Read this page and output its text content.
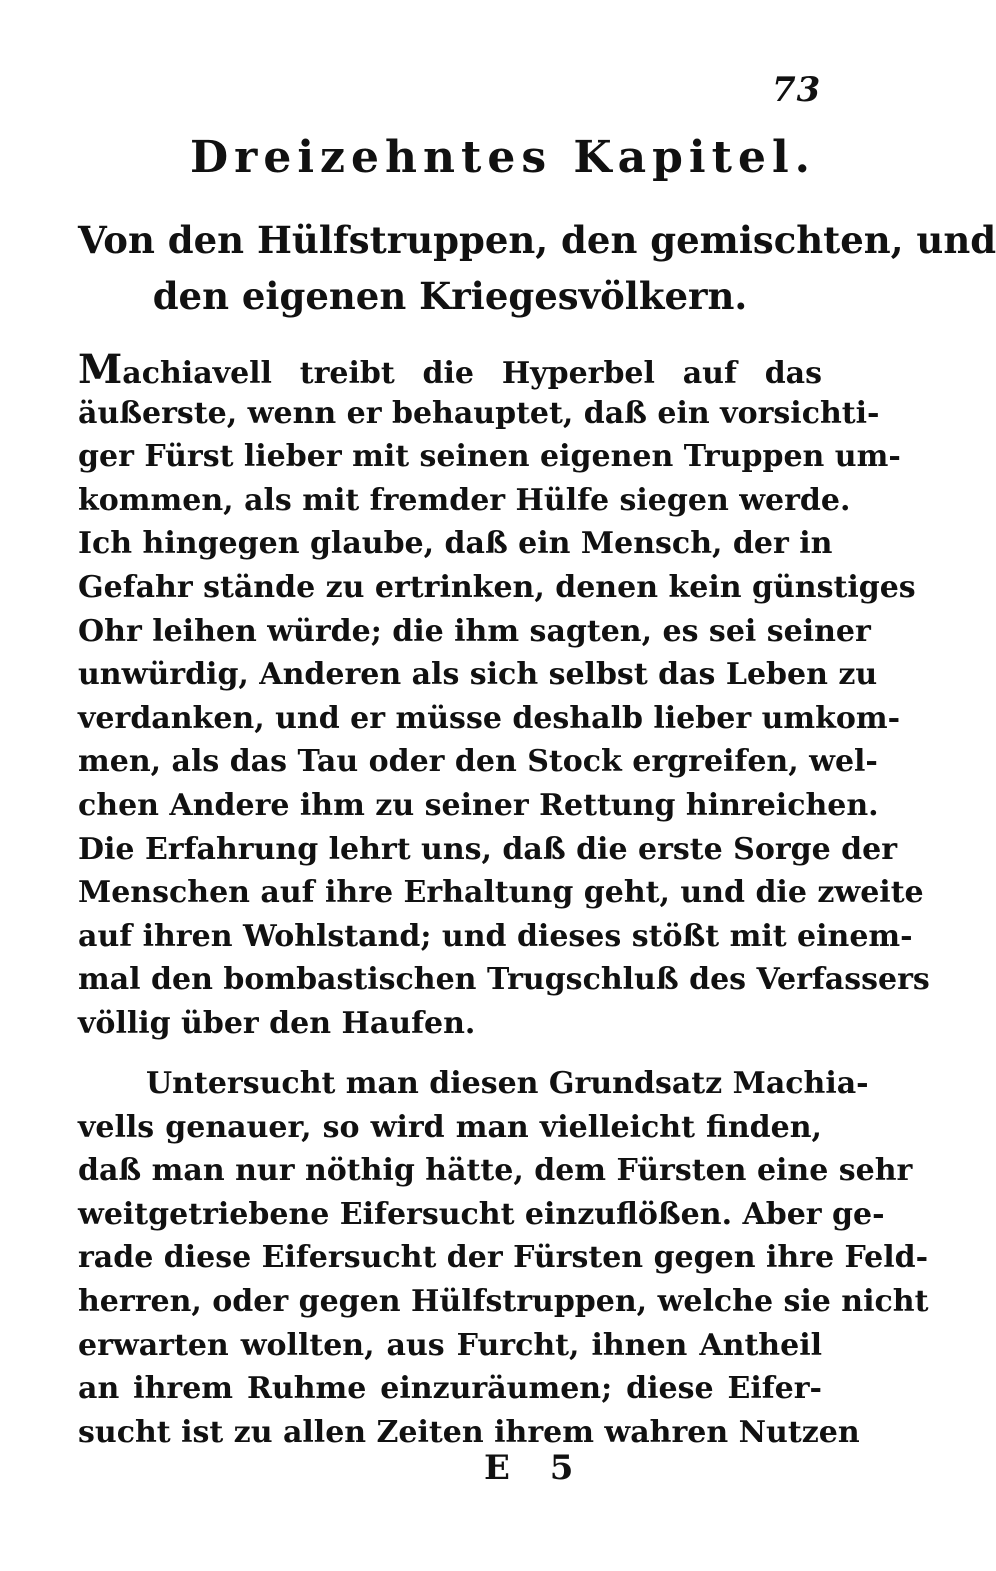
73
Dreizehntes Kapitel.
Von den Hülfstruppen, den gemischten, und
den eigenen Kriegesvölkern.
Machiavell treibt die Hyperbel auf das
äußerste, wenn er behauptet, daß ein vorsichti-
ger Fürst lieber mit seinen eigenen Truppen um-
kommen, als mit fremder Hülfe siegen werde.
Ich hingegen glaube, daß ein Mensch, der in
Gefahr stände zu ertrinken, denen kein günstiges
Ohr leihen würde; die ihm sagten, es sei seiner
unwürdig, Anderen als sich selbst das Leben zu
verdanken, und er müsse deshalb lieber umkom-
men, als das Tau oder den Stock ergreifen, wel-
chen Andere ihm zu seiner Rettung hinreichen.
Die Erfahrung lehrt uns, daß die erste Sorge der
Menschen auf ihre Erhaltung geht, und die zweite
auf ihren Wohlstand; und dieses stößt mit einem-
mal den bombastischen Trugschluß des Verfassers
völlig über den Haufen.
Untersucht man diesen Grundsatz Machia-
vells genauer, so wird man vielleicht finden,
daß man nur nöthig hätte, dem Fürsten eine sehr
weitgetriebene Eifersucht einzuflößen. Aber ge-
rade diese Eifersucht der Fürsten gegen ihre Feld-
herren, oder gegen Hülfstruppen, welche sie nicht
erwarten wollten, aus Furcht, ihnen Antheil
an ihrem Ruhme einzuräumen; diese Eifer-
sucht ist zu allen Zeiten ihrem wahren Nutzen
E 5
